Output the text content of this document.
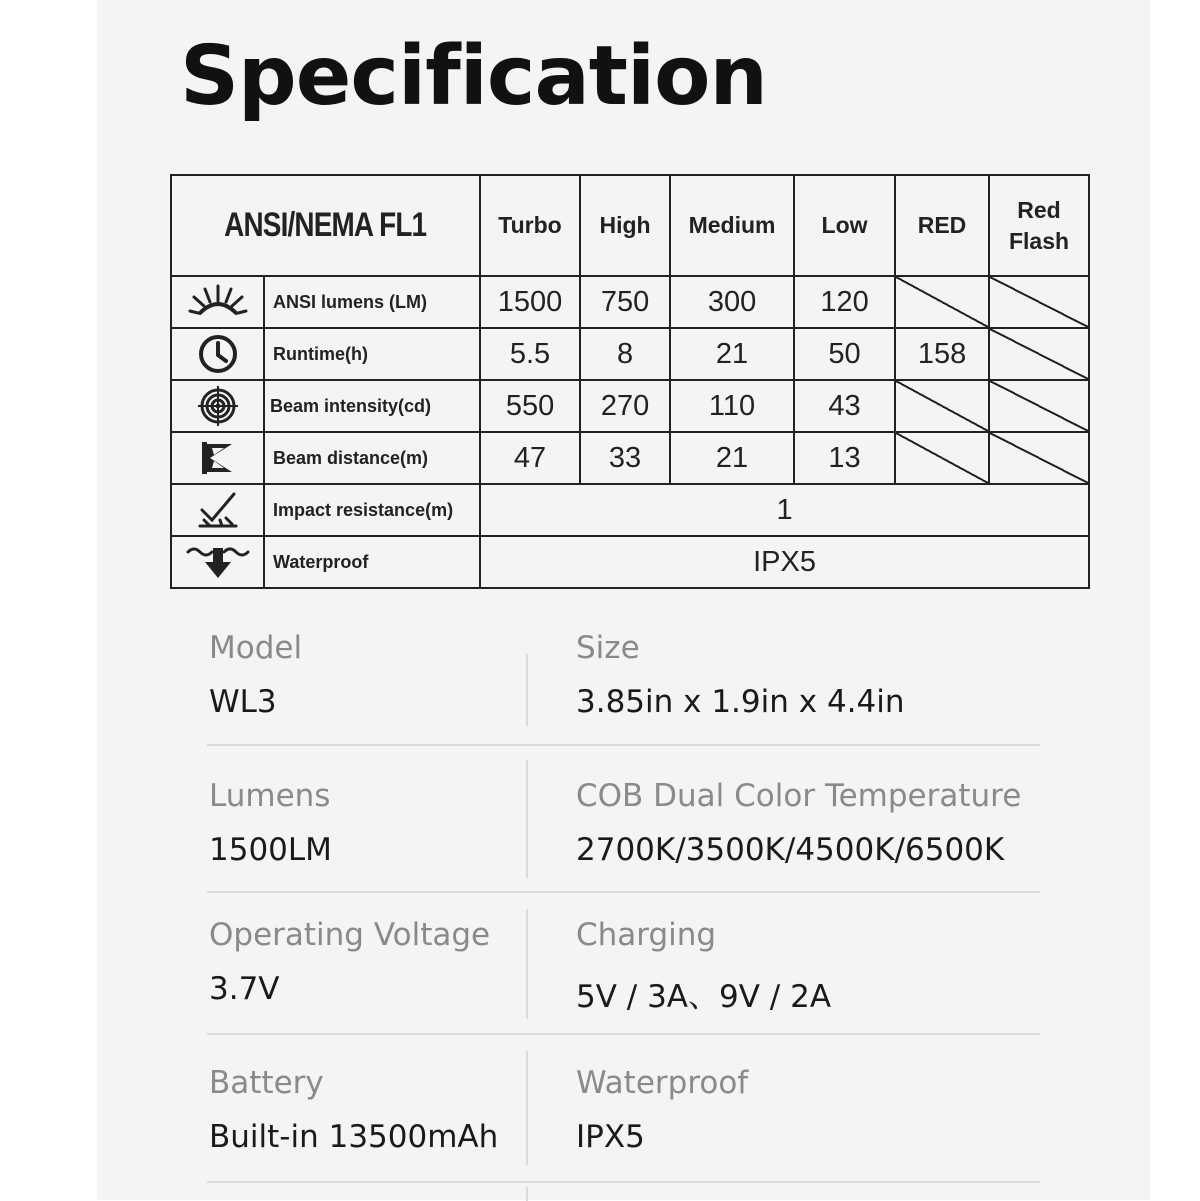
Specification
ANSI/NEMA FL1		Turbo	High	Medium	Low	RED	Red
Flash

	ANSI lumens (LM)	1500	750	300	120		

	Runtime(h)	5.5	8	21	50	158	

	Beam intensity(cd)	550	270	110	43		

	Beam distance(m)	47	33	21	13		

	Impact resistance(m)	1					

	Waterproof	IPX5					
Model
WL3
Size
3.85in x 1.9in x 4.4in
Lumens
1500LM
COB Dual Color Temperature
2700K/3500K/4500K/6500K
Operating Voltage
3.7V
Charging
5V / 3A、9V / 2A
Battery
Built-in 13500mAh
Waterproof
IPX5
